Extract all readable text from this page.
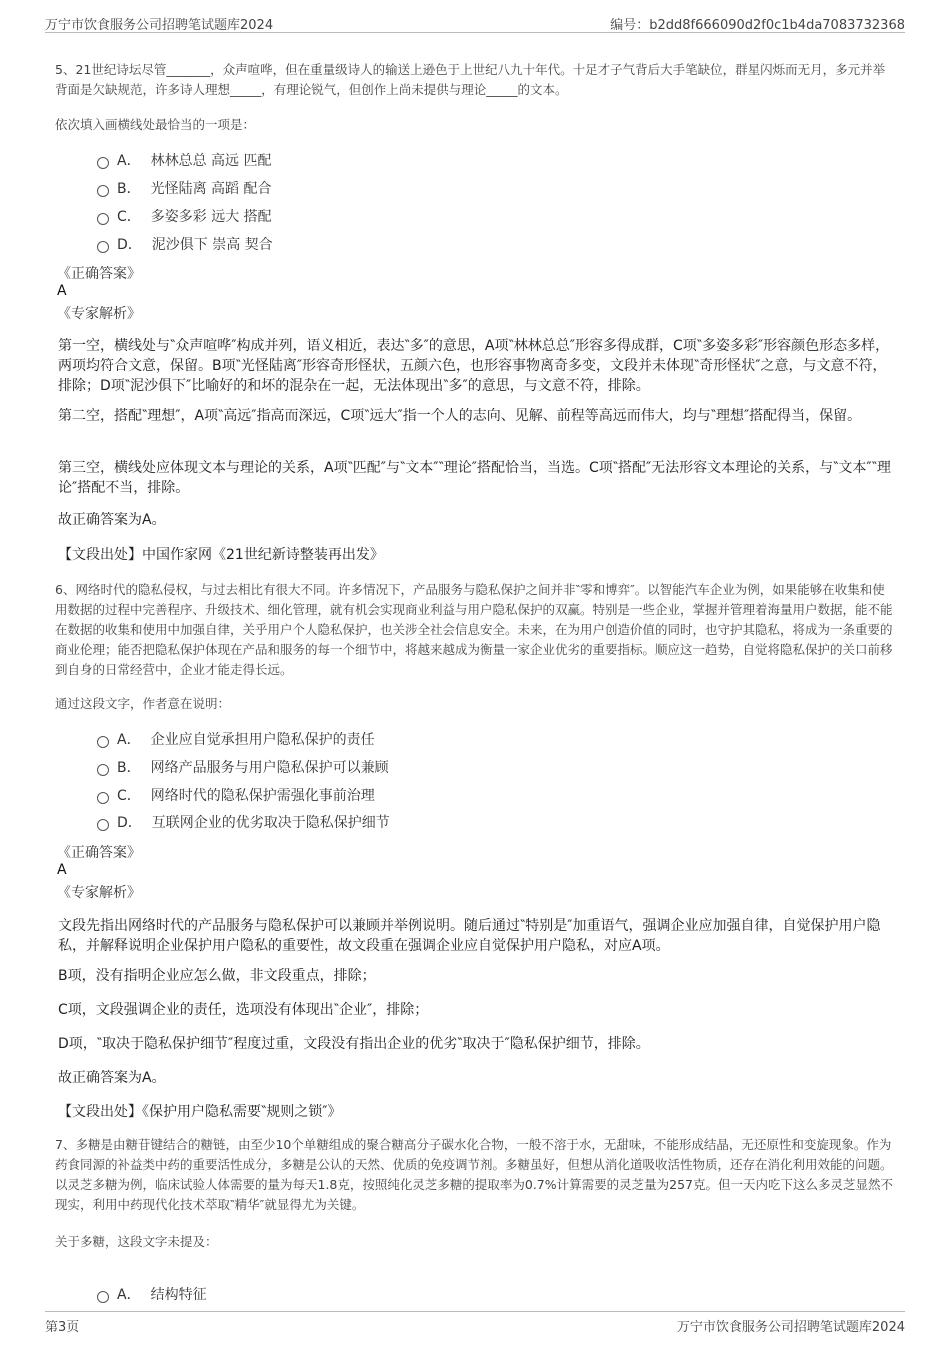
万宁市饮食服务公司招聘笔试题库2024	编号：b2dd8f666090d2f0c1b4da7083732368
5、21世纪诗坛尽管_______，众声喧哗，但在重量级诗人的输送上逊色于上世纪八九十年代。十足才子气背后大手笔缺位，群星闪烁而无月，多元并举背面是欠缺规范，许多诗人理想_____，有理论锐气，但创作上尚未提供与理论_____的文本。
依次填入画横线处最恰当的一项是：
A． 林林总总 高远 匹配
B． 光怪陆离 高蹈 配合
C． 多姿多彩 远大 搭配
D． 泥沙俱下 崇高 契合
《正确答案》
A
《专家解析》
第一空，横线处与‶众声喧哗″构成并列，语义相近，表达‶多″的意思，A项‶林林总总″形容多得成群，C项‶多姿多彩″形容颜色形态多样，两项均符合文意，保留。B项‶光怪陆离″形容奇形怪状，五颜六色，也形容事物离奇多变，文段并未体现‶奇形怪状″之意，与文意不符，排除；D项‶泥沙俱下″比喻好的和坏的混杂在一起，无法体现出‶多″的意思，与文意不符，排除。
第二空，搭配‶理想″，A项‶高远″指高而深远，C项‶远大″指一个人的志向、见解、前程等高远而伟大，均与‶理想″搭配得当，保留。
第三空，横线处应体现文本与理论的关系，A项‶匹配″与‶文本″‶理论″搭配恰当，当选。C项‶搭配″无法形容文本理论的关系，与‶文本″‶理论″搭配不当，排除。
故正确答案为A。
【文段出处】中国作家网《21世纪新诗整装再出发》
6、网络时代的隐私侵权，与过去相比有很大不同。许多情况下，产品服务与隐私保护之间并非‶零和博弈″。以智能汽车企业为例，如果能够在收集和使用数据的过程中完善程序、升级技术、细化管理，就有机会实现商业利益与用户隐私保护的双赢。特别是一些企业，掌握并管理着海量用户数据，能不能在数据的收集和使用中加强自律，关乎用户个人隐私保护，也关涉全社会信息安全。未来，在为用户创造价值的同时，也守护其隐私，将成为一条重要的商业伦理；能否把隐私保护体现在产品和服务的每一个细节中，将越来越成为衡量一家企业优劣的重要指标。顺应这一趋势，自觉将隐私保护的关口前移到自身的日常经营中，企业才能走得长远。
通过这段文字，作者意在说明：
A． 企业应自觉承担用户隐私保护的责任
B． 网络产品服务与用户隐私保护可以兼顾
C． 网络时代的隐私保护需强化事前治理
D． 互联网企业的优劣取决于隐私保护细节
《正确答案》
A
《专家解析》
文段先指出网络时代的产品服务与隐私保护可以兼顾并举例说明。随后通过‶特别是″加重语气，强调企业应加强自律，自觉保护用户隐私，并解释说明企业保护用户隐私的重要性，故文段重在强调企业应自觉保护用户隐私，对应A项。
B项，没有指明企业应怎么做，非文段重点，排除；
C项，文段强调企业的责任，选项没有体现出‶企业″，排除；
D项，‶取决于隐私保护细节″程度过重，文段没有指出企业的优劣‶取决于″隐私保护细节，排除。
故正确答案为A。
【文段出处】《保护用户隐私需要‶规则之锁″》
7、多糖是由糖苷键结合的糖链，由至少10个单糖组成的聚合糖高分子碳水化合物，一般不溶于水，无甜味，不能形成结晶，无还原性和变旋现象。作为药食同源的补益类中药的重要活性成分，多糖是公认的天然、优质的免疫调节剂。多糖虽好，但想从消化道吸收活性物质，还存在消化利用效能的问题。以灵芝多糖为例，临床试验人体需要的量为每天1.8克，按照纯化灵芝多糖的提取率为0.7%计算需要的灵芝量为257克。但一天内吃下这么多灵芝显然不现实，利用中药现代化技术萃取‶精华″就显得尤为关键。
关于多糖，这段文字未提及：
A． 结构特征
第3页	万宁市饮食服务公司招聘笔试题库2024
